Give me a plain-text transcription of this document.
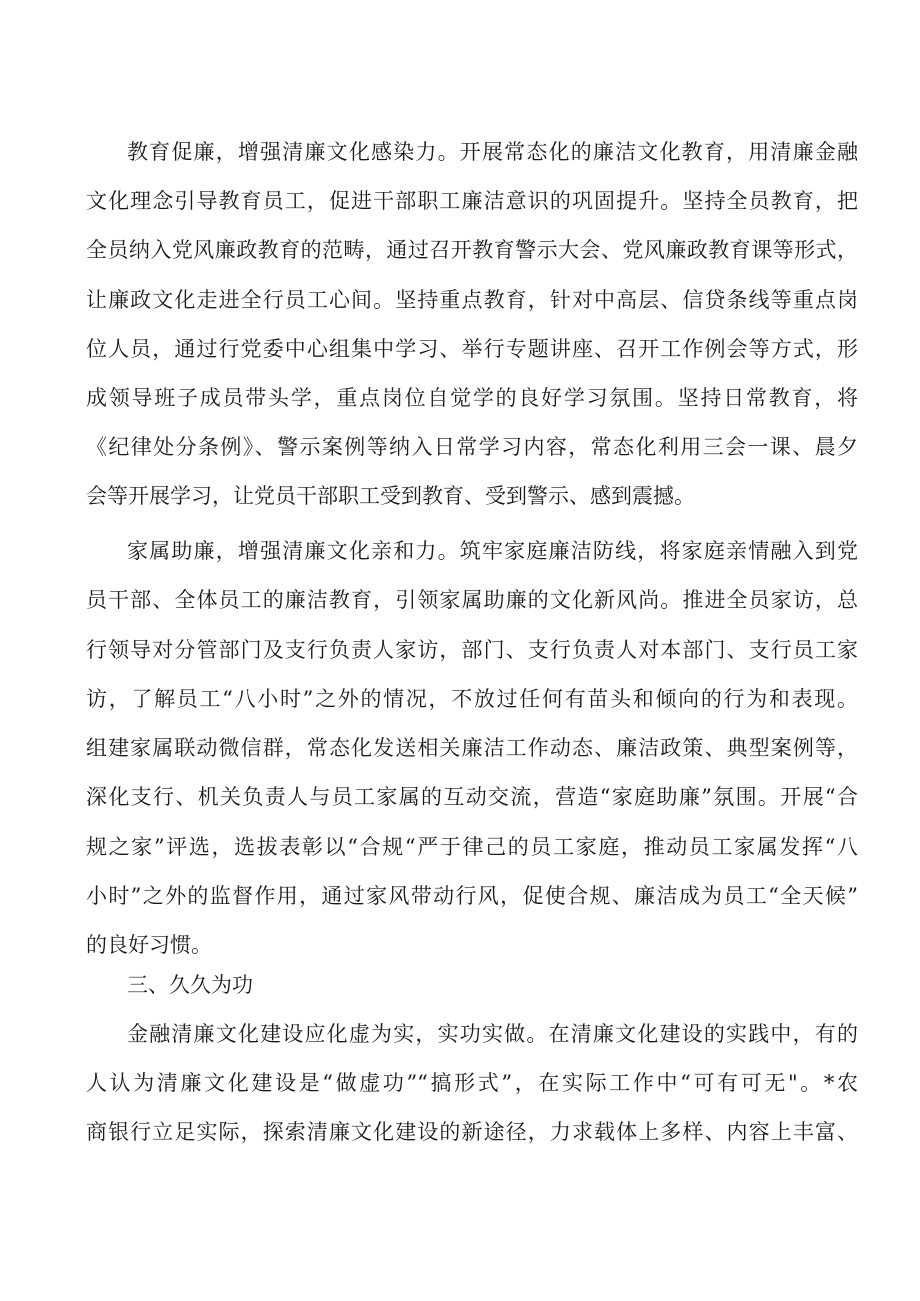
教育促廉，增强清廉文化感染力。开展常态化的廉洁文化教育，用清廉金融

文化理念引导教育员工，促进干部职工廉洁意识的巩固提升。坚持全员教育，把

全员纳入党风廉政教育的范畴，通过召开教育警示大会、党风廉政教育课等形式，

让廉政文化走进全行员工心间。坚持重点教育，针对中高层、信贷条线等重点岗

位人员，通过行党委中心组集中学习、举行专题讲座、召开工作例会等方式，形

成领导班子成员带头学，重点岗位自觉学的良好学习氛围。坚持日常教育，将

《纪律处分条例》、警示案例等纳入日常学习内容，常态化利用三会一课、晨夕

会等开展学习，让党员干部职工受到教育、受到警示、感到震撼。

家属助廉，增强清廉文化亲和力。筑牢家庭廉洁防线，将家庭亲情融入到党

员干部、全体员工的廉洁教育，引领家属助廉的文化新风尚。推进全员家访，总

行领导对分管部门及支行负责人家访，部门、支行负责人对本部门、支行员工家

访，了解员工“八小时”之外的情况，不放过任何有苗头和倾向的行为和表现。

组建家属联动微信群，常态化发送相关廉洁工作动态、廉洁政策、典型案例等，

深化支行、机关负责人与员工家属的互动交流，营造“家庭助廉”氛围。开展“合

规之家”评选，选拔表彰以“合规“严于律己的员工家庭，推动员工家属发挥“八

小时”之外的监督作用，通过家风带动行风，促使合规、廉洁成为员工“全天候”

的良好习惯。

三、久久为功

金融清廉文化建设应化虚为实，实功实做。在清廉文化建设的实践中，有的

人认为清廉文化建设是“做虚功”“搞形式”，在实际工作中“可有可无"。*农

商银行立足实际，探索清廉文化建设的新途径，力求载体上多样、内容上丰富、
